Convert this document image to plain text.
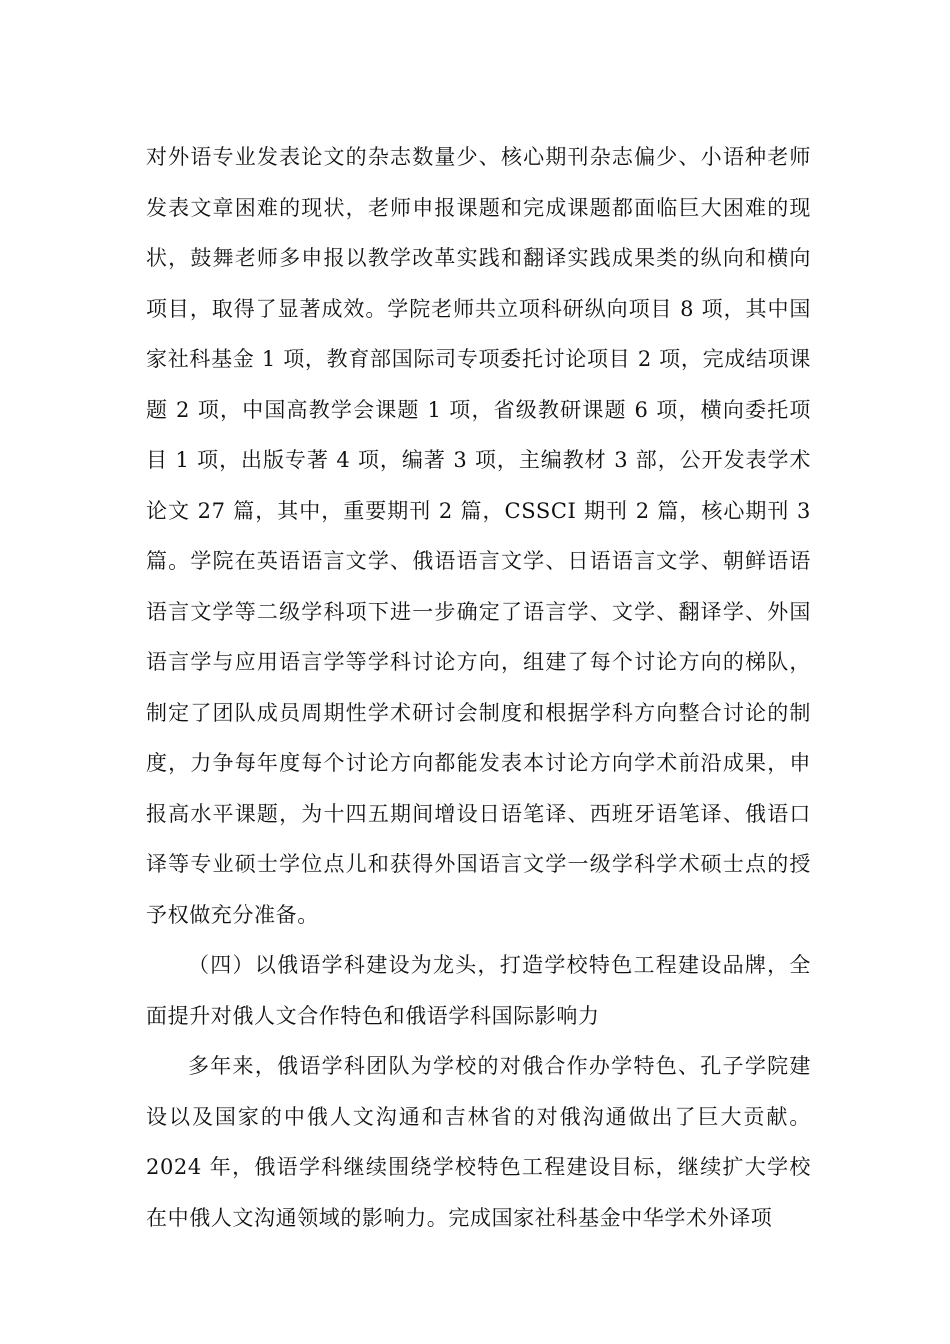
对外语专业发表论文的杂志数量少、核心期刊杂志偏少、小语种老师发表文章困难的现状，老师申报课题和完成课题都面临巨大困难的现状，鼓舞老师多申报以教学改革实践和翻译实践成果类的纵向和横向项目，取得了显著成效。学院老师共立项科研纵向项目 8 项，其中国家社科基金 1 项，教育部国际司专项委托讨论项目 2 项，完成结项课题 2 项，中国高教学会课题 1 项，省级教研课题 6 项，横向委托项目 1 项，出版专著 4 项，编著 3 项，主编教材 3 部，公开发表学术论文 27 篇，其中，重要期刊 2 篇，CSSCI 期刊 2 篇，核心期刊 3 篇。学院在英语语言文学、俄语语言文学、日语语言文学、朝鲜语语语言文学等二级学科项下进一步确定了语言学、文学、翻译学、外国语言学与应用语言学等学科讨论方向，组建了每个讨论方向的梯队，制定了团队成员周期性学术研讨会制度和根据学科方向整合讨论的制度，力争每年度每个讨论方向都能发表本讨论方向学术前沿成果，申报高水平课题，为十四五期间增设日语笔译、西班牙语笔译、俄语口译等专业硕士学位点儿和获得外国语言文学一级学科学术硕士点的授予权做充分准备。

（四）以俄语学科建设为龙头，打造学校特色工程建设品牌，全面提升对俄人文合作特色和俄语学科国际影响力

多年来，俄语学科团队为学校的对俄合作办学特色、孔子学院建设以及国家的中俄人文沟通和吉林省的对俄沟通做出了巨大贡献。2024 年，俄语学科继续围绕学校特色工程建设目标，继续扩大学校在中俄人文沟通领域的影响力。完成国家社科基金中华学术外译项
